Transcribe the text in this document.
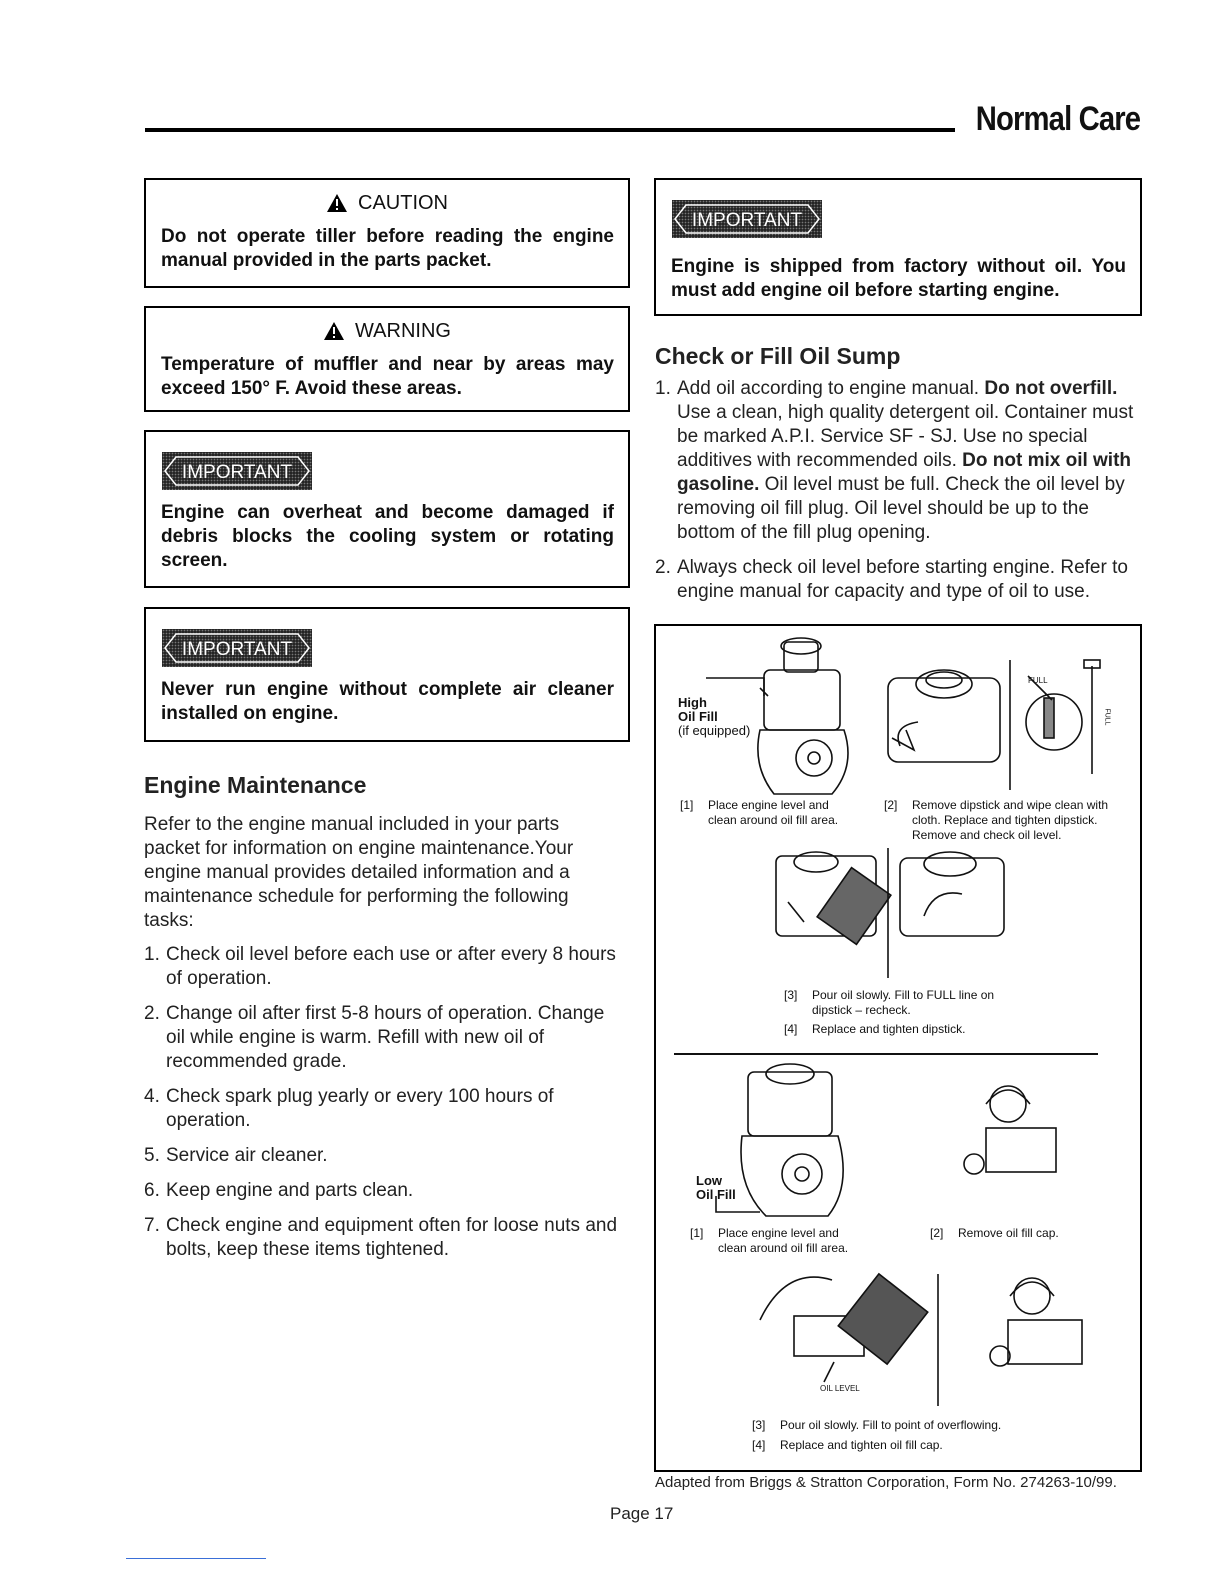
Normal Care
CAUTION
Do not operate tiller before reading the engine manual provided in the parts packet.
WARNING
Temperature of muffler and near by areas may exceed 150° F. Avoid these areas.
IMPORTANT
Engine can overheat and become damaged if debris blocks the cooling system or rotating screen.
IMPORTANT
Never run engine without complete air cleaner installed on engine.
IMPORTANT
Engine is shipped from factory without oil. You must add engine oil before starting engine.
Engine Maintenance
Refer to the engine manual included in your parts packet for information on engine maintenance.Your engine manual provides detailed information and a maintenance schedule for performing the following tasks:
1. Check oil level before each use or after every 8 hours of operation.
2. Change oil after first 5-8 hours of operation. Change oil while engine is warm. Refill with new oil of recommended grade.
4. Check spark plug yearly or every 100 hours of operation.
5. Service air cleaner.
6. Keep engine and parts clean.
7. Check engine and equipment often for loose nuts and bolts, keep these items tightened.
Check or Fill Oil Sump
1. Add oil according to engine manual. Do not overfill. Use a clean, high quality detergent oil. Container must be marked A.P.I. Service SF - SJ. Use no special additives with recommended oils. Do not mix oil with gasoline. Oil level must be full. Check the oil level by removing oil fill plug. Oil level should be up to the bottom of the fill plug opening.
2. Always check oil level before starting engine. Refer to engine manual for capacity and type of oil to use.
High
Oil Fill
(if equipped)
FULL
FULL
[1] Place engine level and clean around oil fill area.
[2] Remove dipstick and wipe clean with cloth. Replace and tighten dipstick. Remove and check oil level.
[3] Pour oil slowly. Fill to FULL line on dipstick – recheck.
[4] Replace and tighten dipstick.
Low
Oil Fill
[1] Place engine level and clean around oil fill area.
[2] Remove oil fill cap.
OIL LEVEL
[3] Pour oil slowly. Fill to point of overflowing.
[4] Replace and tighten oil fill cap.
Adapted from Briggs & Stratton Corporation, Form No. 274263-10/99.
Page 17
